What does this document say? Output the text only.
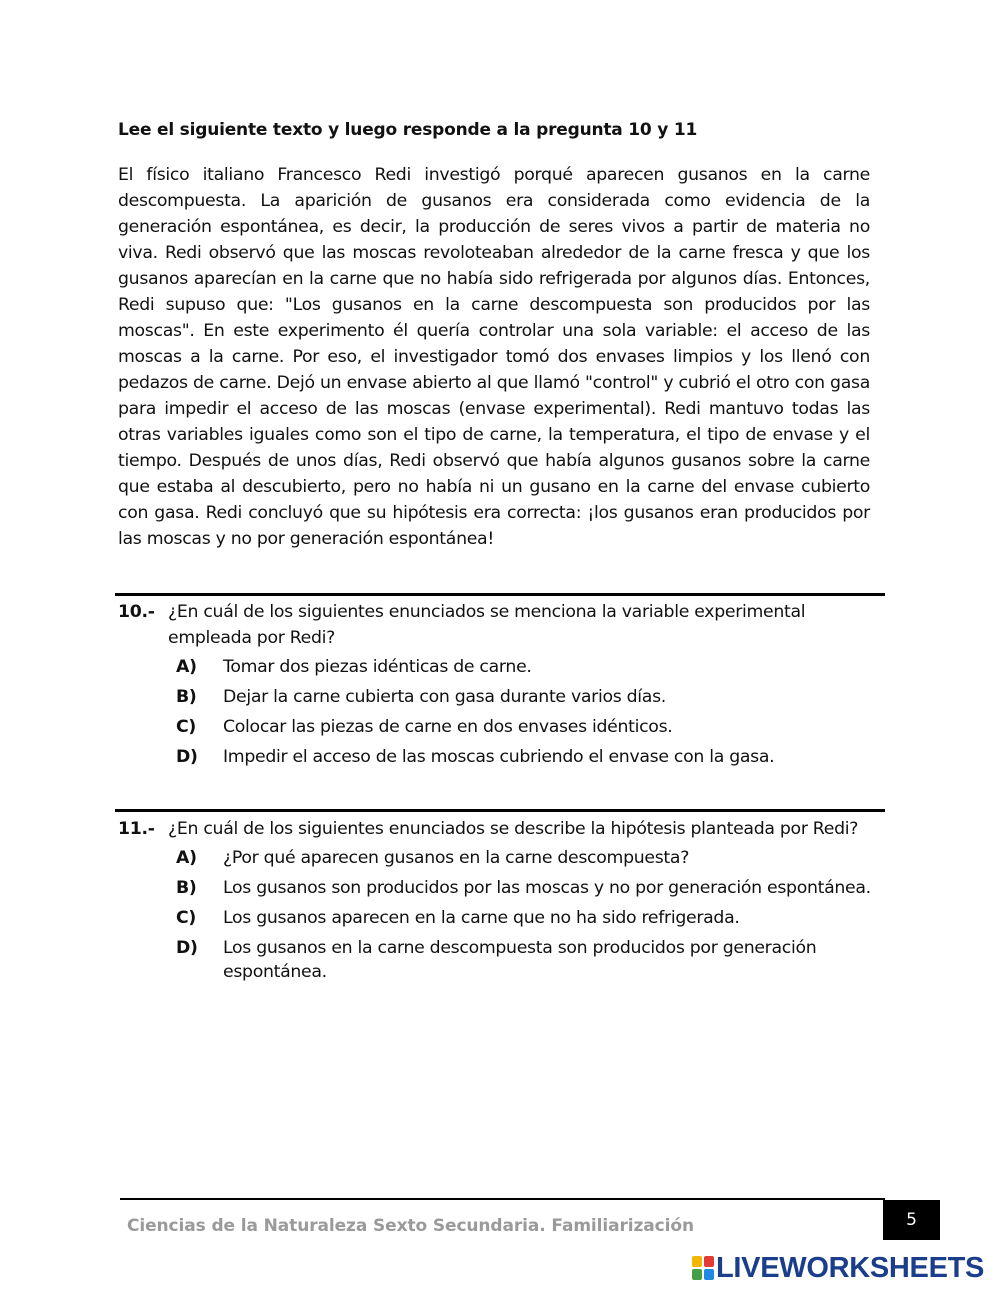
Lee el siguiente texto y luego responde a la pregunta 10 y 11
El físico italiano Francesco Redi investigó porqué aparecen gusanos en la carne descompuesta. La aparición de gusanos era considerada como evidencia de la generación espontánea, es decir, la producción de seres vivos a partir de materia no viva. Redi observó que las moscas revoloteaban alrededor de la carne fresca y que los gusanos aparecían en la carne que no había sido refrigerada por algunos días. Entonces, Redi supuso que: "Los gusanos en la carne descompuesta son producidos por las moscas". En este experimento él quería controlar una sola variable: el acceso de las moscas a la carne. Por eso, el investigador tomó dos envases limpios y los llenó con pedazos de carne. Dejó un envase abierto al que llamó "control" y cubrió el otro con gasa para impedir el acceso de las moscas (envase experimental). Redi mantuvo todas las otras variables iguales como son el tipo de carne, la temperatura, el tipo de envase y el tiempo. Después de unos días, Redi observó que había algunos gusanos sobre la carne que estaba al descubierto, pero no había ni un gusano en la carne del envase cubierto con gasa. Redi concluyó que su hipótesis era correcta: ¡los gusanos eran producidos por las moscas y no por generación espontánea!
10.- ¿En cuál de los siguientes enunciados se menciona la variable experimental empleada por Redi?
A)	Tomar dos piezas idénticas de carne.
B)	Dejar la carne cubierta con gasa durante varios días.
C)	Colocar las piezas de carne en dos envases idénticos.
D)	Impedir el acceso de las moscas cubriendo el envase con la gasa.
11.- ¿En cuál de los siguientes enunciados se describe la hipótesis planteada por Redi?
A)	¿Por qué aparecen gusanos en la carne descompuesta?
B)	Los gusanos son producidos por las moscas y no por generación espontánea.
C)	Los gusanos aparecen en la carne que no ha sido refrigerada.
D)	Los gusanos en la carne descompuesta son producidos por generación espontánea.
Ciencias de la Naturaleza Sexto Secundaria. Familiarización	5
LIVEWORKSHEETS
